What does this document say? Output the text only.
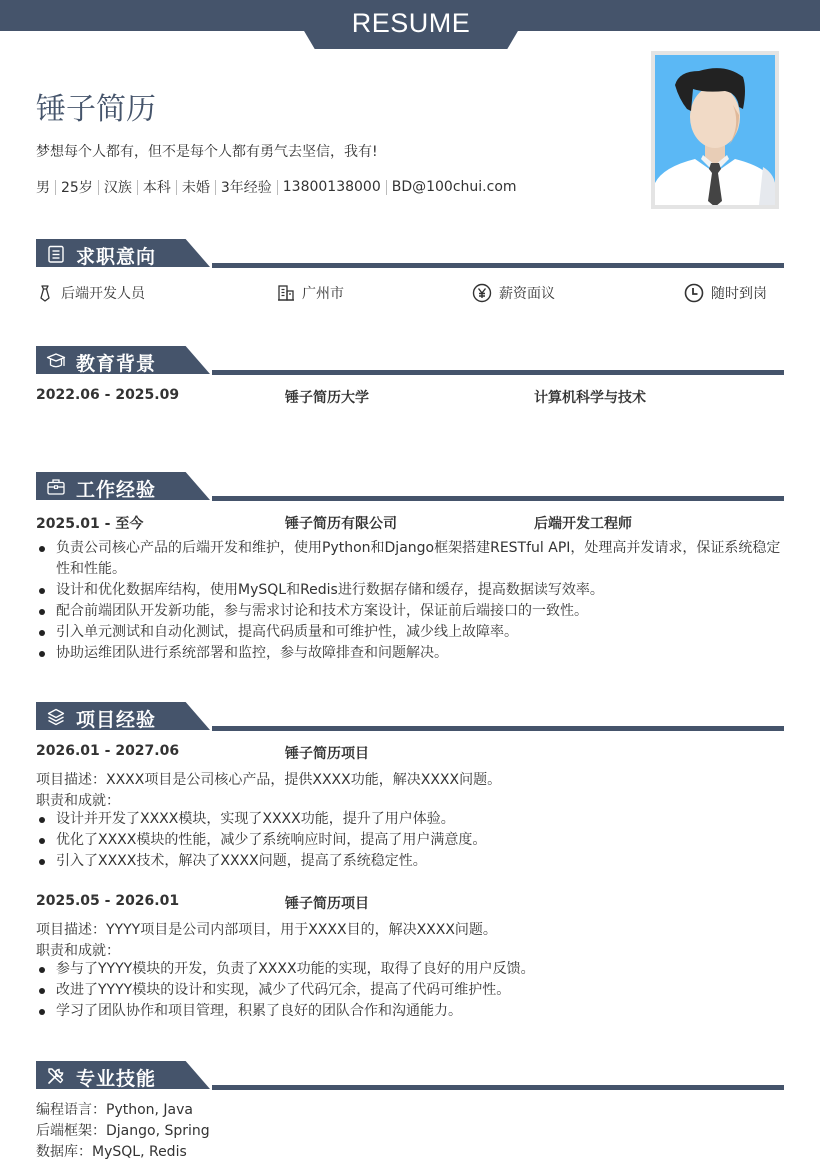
RESUME
锤子简历
梦想每个人都有，但不是每个人都有勇气去坚信，我有!
男 25岁 汉族 本科 未婚 3年经验 13800138000 BD@100chui.com
求职意向
后端开发人员	广州市	薪资面议	随时到岗
教育背景
2022.06 - 2025.09	锤子简历大学	计算机科学与技术
工作经验
2025.01 - 至今	锤子简历有限公司	后端开发工程师
负责公司核心产品的后端开发和维护，使用Python和Django框架搭建RESTful API，处理高并发请求，保证系统稳定性和性能。
设计和优化数据库结构，使用MySQL和Redis进行数据存储和缓存，提高数据读写效率。
配合前端团队开发新功能，参与需求讨论和技术方案设计，保证前后端接口的一致性。
引入单元测试和自动化测试，提高代码质量和可维护性，减少线上故障率。
协助运维团队进行系统部署和监控，参与故障排查和问题解决。
项目经验
2026.01 - 2027.06	锤子简历项目
项目描述：XXXX项目是公司核心产品，提供XXXX功能，解决XXXX问题。
职责和成就：
设计并开发了XXXX模块，实现了XXXX功能，提升了用户体验。
优化了XXXX模块的性能，减少了系统响应时间，提高了用户满意度。
引入了XXXX技术，解决了XXXX问题，提高了系统稳定性。
2025.05 - 2026.01	锤子简历项目
项目描述：YYYY项目是公司内部项目，用于XXXX目的，解决XXXX问题。
职责和成就：
参与了YYYY模块的开发，负责了XXXX功能的实现，取得了良好的用户反馈。
改进了YYYY模块的设计和实现，减少了代码冗余，提高了代码可维护性。
学习了团队协作和项目管理，积累了良好的团队合作和沟通能力。
专业技能
编程语言：Python, Java
后端框架：Django, Spring
数据库：MySQL, Redis
